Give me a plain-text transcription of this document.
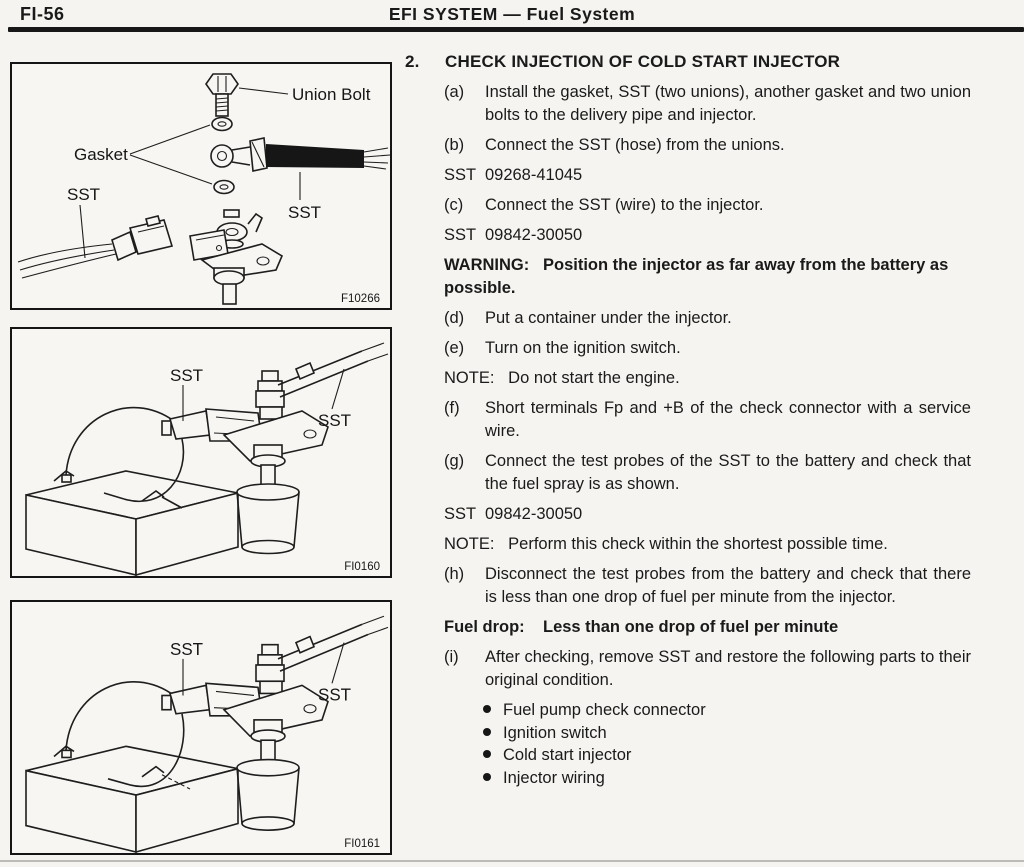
FI-56	EFI SYSTEM — Fuel System
Union Bolt
Gasket
SST
SST
F10266
SST
SST
FI0160
SST
SST
FI0161
2.	CHECK INJECTION OF COLD START INJECTOR
(a)	Install the gasket, SST (two unions), another gasket and two union bolts to the delivery pipe and injector.

(b)	Connect the SST (hose) from the unions.

SST  09268-41045

(c)	Connect the SST (wire) to the injector.

SST  09842-30050

WARNING:   Position the injector as far away from the battery as possible.

(d)	Put a container under the injector.

(e)	Turn on the ignition switch.

NOTE:   Do not start the engine.

(f)	Short terminals Fp and +B of the check connector with a service wire.

(g)	Connect the test probes of the SST to the battery and check that the fuel spray is as shown.

SST  09842-30050

NOTE:   Perform this check within the shortest possible time.

(h)	Disconnect the test probes from the battery and check that there is less than one drop of fuel per minute from the injector.

Fuel drop:    Less than one drop of fuel per minute

(i)	After checking, remove SST and restore the following parts to their original condition.

Fuel pump check connector
Ignition switch
Cold start injector
Injector wiring
